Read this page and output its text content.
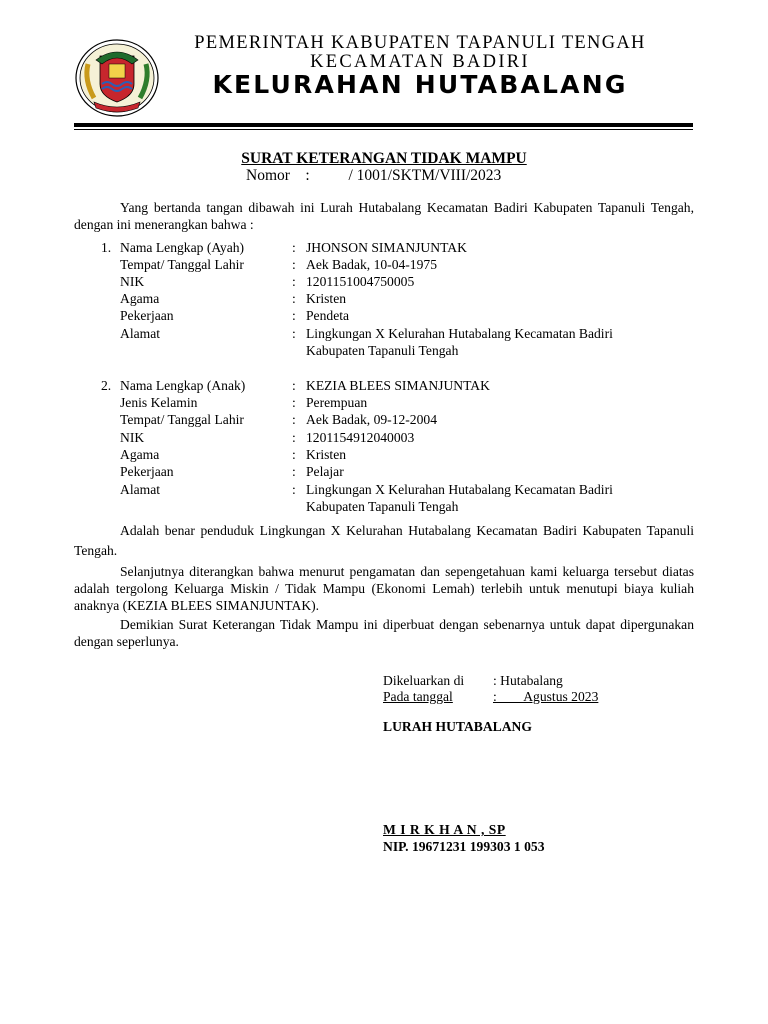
PEMERINTAH KABUPATEN TAPANULI TENGAH
KECAMATAN BADIRI
KELURAHAN HUTABALANG
SURAT KETERANGAN TIDAK MAMPU
Nomor    :          / 1001/SKTM/VIII/2023
Yang bertanda tangan dibawah ini Lurah Hutabalang Kecamatan Badiri Kabupaten Tapanuli Tengah, dengan ini menerangkan bahwa :
1. Nama Lengkap (Ayah)	: JHONSON SIMANJUNTAK
Tempat/ Tanggal Lahir	: Aek Badak, 10-04-1975
NIK	: 1201151004750005
Agama	: Kristen
Pekerjaan	: Pendeta
Alamat	: Lingkungan X Kelurahan Hutabalang Kecamatan Badiri
Kabupaten Tapanuli Tengah
2. Nama Lengkap (Anak)	: KEZIA BLEES SIMANJUNTAK
Jenis Kelamin	: Perempuan
Tempat/ Tanggal Lahir	: Aek Badak, 09-12-2004
NIK	: 1201154912040003
Agama	: Kristen
Pekerjaan	: Pelajar
Alamat	: Lingkungan X Kelurahan Hutabalang Kecamatan Badiri
Kabupaten Tapanuli Tengah
Adalah benar penduduk Lingkungan X Kelurahan Hutabalang Kecamatan Badiri Kabupaten Tapanuli Tengah.
Selanjutnya diterangkan bahwa menurut pengamatan dan sepengetahuan kami keluarga tersebut diatas adalah tergolong Keluarga Miskin / Tidak Mampu (Ekonomi Lemah) terlebih untuk menutupi biaya kuliah anaknya (KEZIA BLEES SIMANJUNTAK).
Demikian Surat Keterangan Tidak Mampu ini diperbuat dengan sebenarnya untuk dapat dipergunakan dengan seperlunya.
Dikeluarkan di : Hutabalang
Pada tanggal	:        Agustus 2023
LURAH HUTABALANG
M I R K H A N , SP
NIP. 19671231 199303 1 053
